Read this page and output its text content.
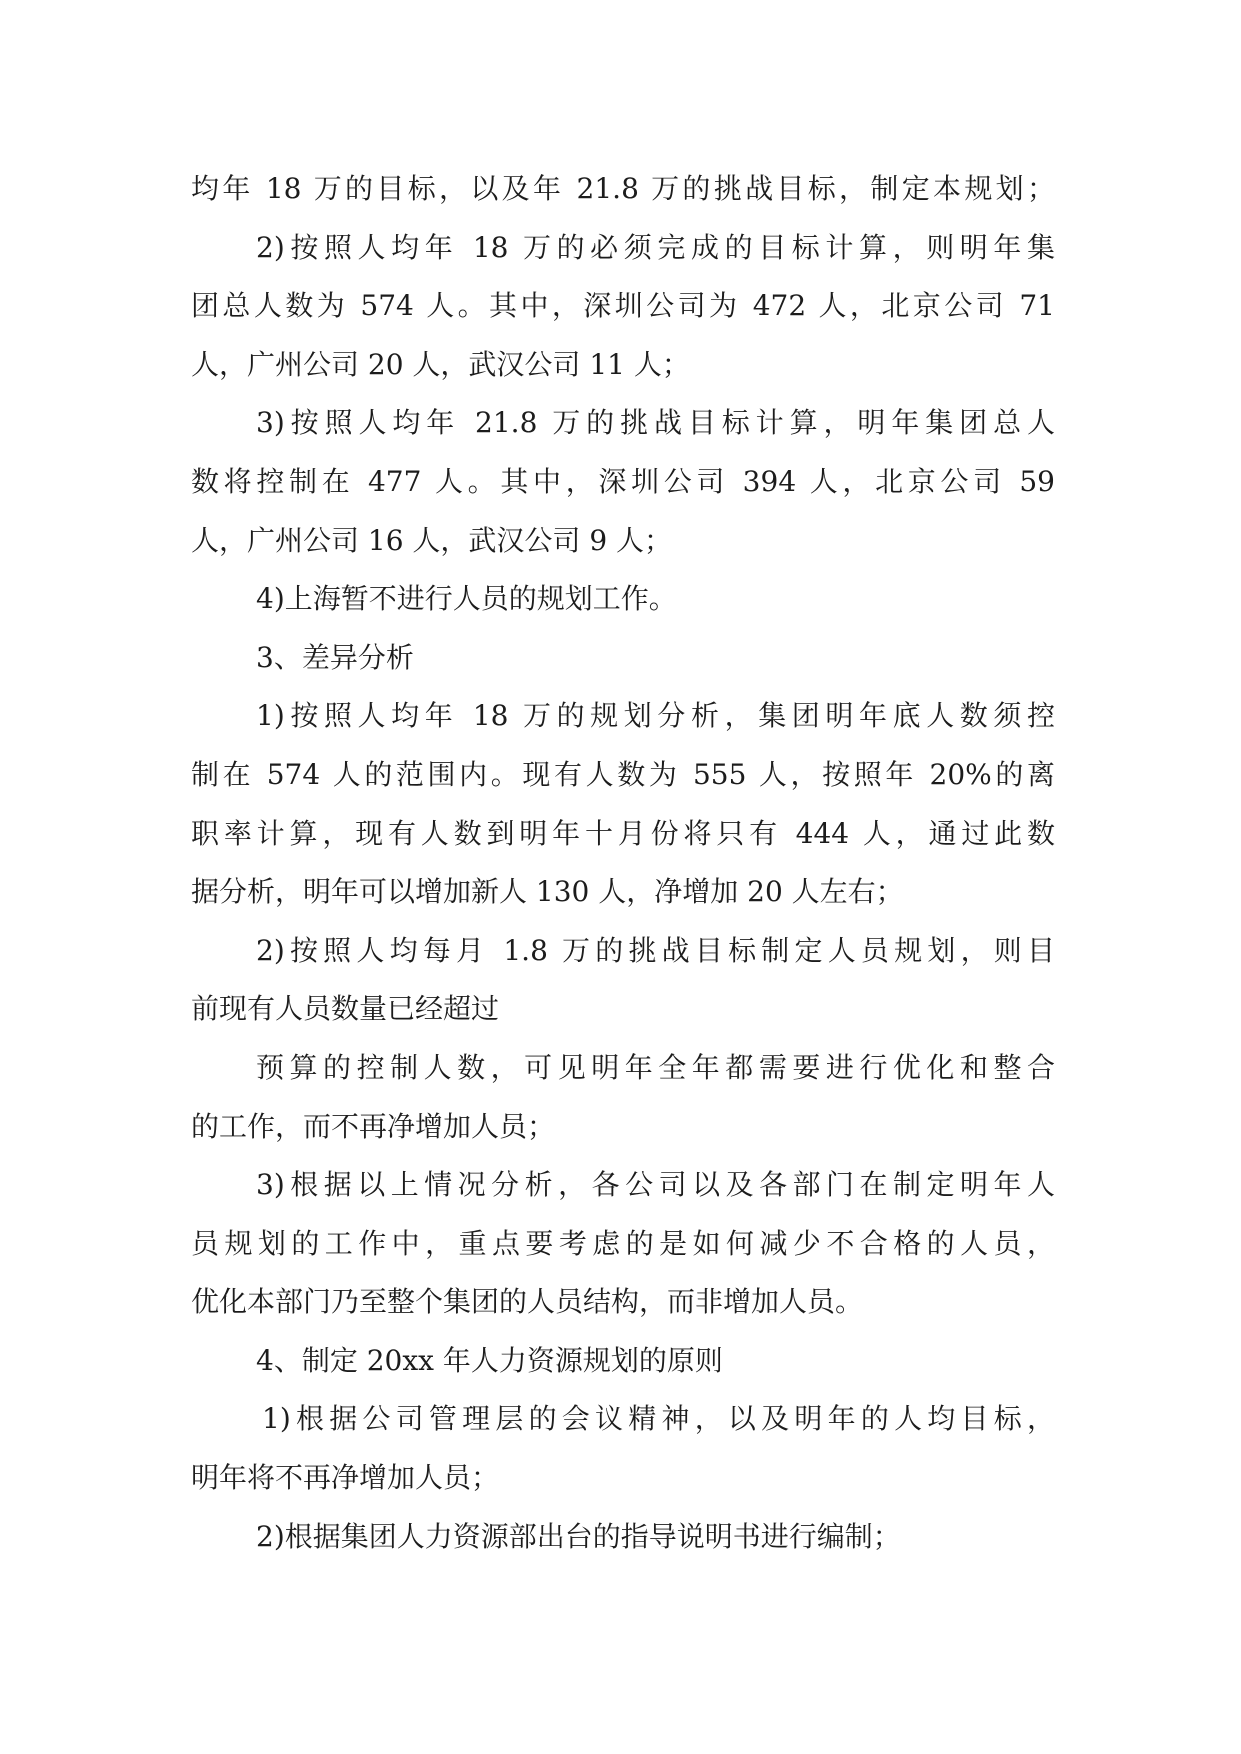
均年 18 万的目标，以及年 21.8 万的挑战目标，制定本规划；
2)按照人均年 18 万的必须完成的目标计算，则明年集
团总人数为 574 人。其中，深圳公司为 472 人，北京公司 71
人，广州公司 20 人，武汉公司 11 人；
3)按照人均年 21.8 万的挑战目标计算，明年集团总人
数将控制在 477 人。其中，深圳公司 394 人，北京公司 59
人，广州公司 16 人，武汉公司 9 人；
4)上海暂不进行人员的规划工作。
3、差异分析
1)按照人均年 18 万的规划分析，集团明年底人数须控
制在 574 人的范围内。现有人数为 555 人，按照年 20%的离
职率计算，现有人数到明年十月份将只有 444 人，通过此数
据分析，明年可以增加新人 130 人，净增加 20 人左右；
2)按照人均每月 1.8 万的挑战目标制定人员规划，则目
前现有人员数量已经超过
预算的控制人数，可见明年全年都需要进行优化和整合
的工作，而不再净增加人员；
3)根据以上情况分析，各公司以及各部门在制定明年人
员规划的工作中，重点要考虑的是如何减少不合格的人员，
优化本部门乃至整个集团的人员结构，而非增加人员。
4、制定 20xx 年人力资源规划的原则
1)根据公司管理层的会议精神，以及明年的人均目标，
明年将不再净增加人员；
2)根据集团人力资源部出台的指导说明书进行编制；
